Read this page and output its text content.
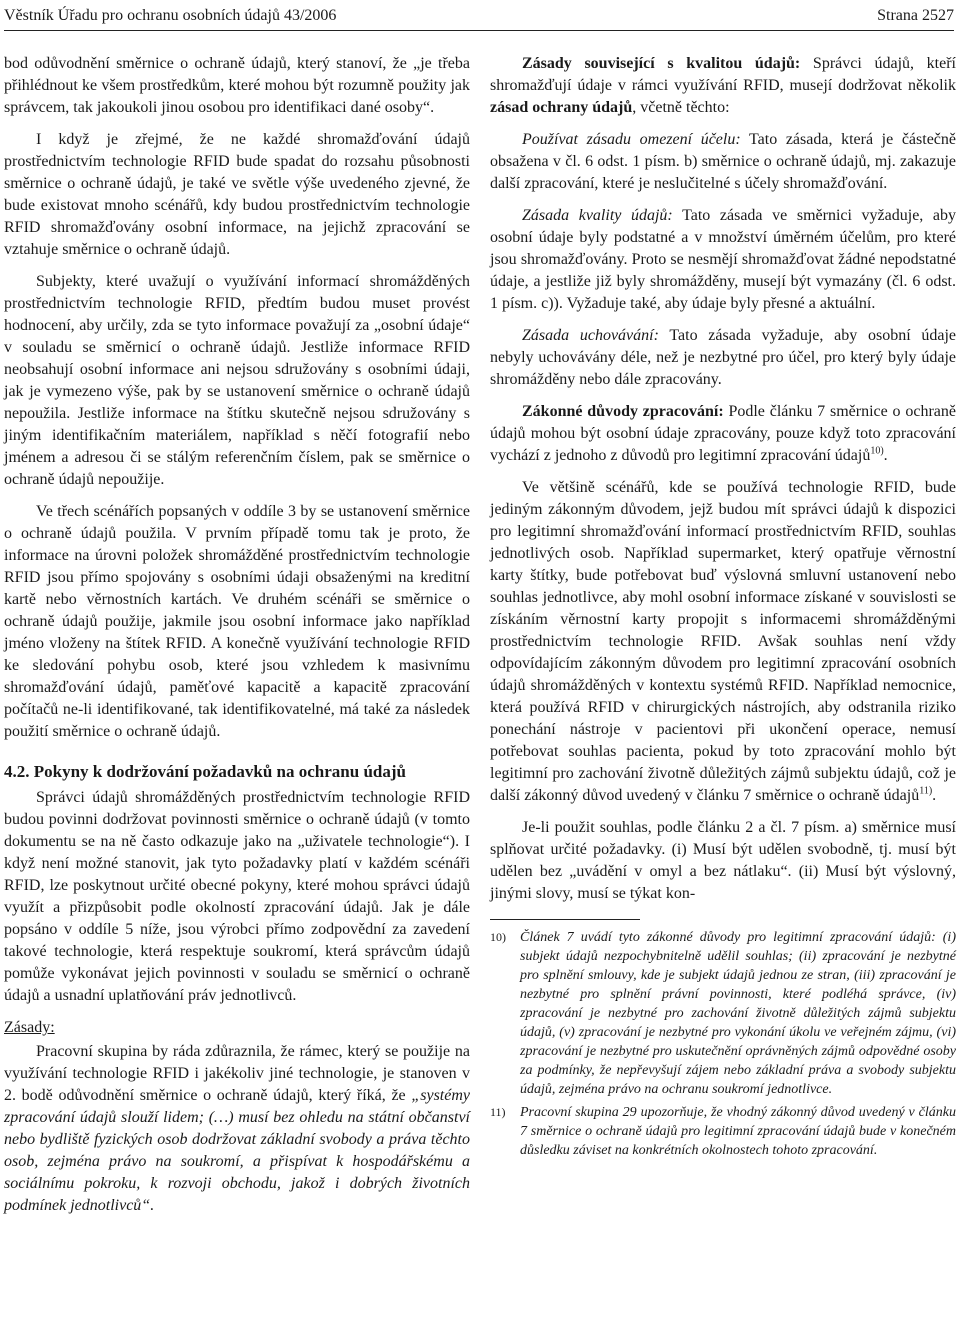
Věstník Úřadu pro ochranu osobních údajů 43/2006	Strana 2527

bod odůvodnění směrnice o ochraně údajů, který stanoví, že „je třeba přihlédnout ke všem prostředkům, které mohou být rozumně použity jak správcem, tak jakoukoli jinou osobou pro identifikaci dané osoby“.

I když je zřejmé, že ne každé shromažďování údajů prostřednictvím technologie RFID bude spadat do rozsahu působnosti směrnice o ochraně údajů, je také ve světle výše uvedeného zjevné, že bude existovat mnoho scénářů, kdy budou prostřednictvím technologie RFID shromažďovány osobní informace, na jejichž zpracování se vztahuje směrnice o ochraně údajů.

Subjekty, které uvažují o využívání informací shromážděných prostřednictvím technologie RFID, předtím budou muset provést hodnocení, aby určily, zda se tyto informace považují za „osobní údaje“ v souladu se směrnicí o ochraně údajů. Jestliže informace RFID neobsahují osobní informace ani nejsou sdružovány s osobními údaji, jak je vymezeno výše, pak by se ustanovení směrnice o ochraně údajů nepoužila. Jestliže informace na štítku skutečně nejsou sdružovány s jiným identifikačním materiálem, například s něčí fotografií nebo jménem a adresou či se stálým referenčním číslem, pak se směrnice o ochraně údajů nepoužije.

Ve třech scénářích popsaných v oddíle 3 by se ustanovení směrnice o ochraně údajů použila. V prvním případě tomu tak je proto, že informace na úrovni položek shromážděné prostřednictvím technologie RFID jsou přímo spojovány s osobními údaji obsaženými na kreditní kartě nebo věrnostních kartách. Ve druhém scénáři se směrnice o ochraně údajů použije, jakmile jsou osobní informace jako například jméno vloženy na štítek RFID. A konečně využívání technologie RFID ke sledování pohybu osob, které jsou vzhledem k masivnímu shromažďování údajů, paměťové kapacitě a kapacitě zpracování počítačů ne-li identifikované, tak identifikovatelné, má také za následek použití směrnice o ochraně údajů.

4.2. Pokyny k dodržování požadavků na ochranu údajů

Správci údajů shromážděných prostřednictvím technologie RFID budou povinni dodržovat povinnosti směrnice o ochraně údajů (v tomto dokumentu se na ně často odkazuje jako na „uživatele technologie“). I když není možné stanovit, jak tyto požadavky platí v každém scénáři RFID, lze poskytnout určité obecné pokyny, které mohou správci údajů využít a přizpůsobit podle okolností zpracování údajů. Jak je dále popsáno v oddíle 5 níže, jsou výrobci přímo zodpovědní za zavedení takové technologie, která respektuje soukromí, která správcům údajů pomůže vykonávat jejich povinnosti v souladu se směrnicí o ochraně údajů a usnadní uplatňování práv jednotlivců.

Zásady:

Pracovní skupina by ráda zdůraznila, že rámec, který se použije na využívání technologie RFID i jakékoliv jiné technologie, je stanoven v 2. bodě odůvodnění směrnice o ochraně údajů, který říká, že „systémy zpracování údajů slouží lidem; (…) musí bez ohledu na státní občanství nebo bydliště fyzických osob dodržovat základní svobody a práva těchto osob, zejména právo na soukromí, a přispívat k hospodářskému a sociálnímu pokroku, k rozvoji obchodu, jakož i dobrých životních podmínek jednotlivců“.

Zásady související s kvalitou údajů: Správci údajů, kteří shromažďují údaje v rámci využívání RFID, musejí dodržovat několik zásad ochrany údajů, včetně těchto:

Používat zásadu omezení účelu: Tato zásada, která je částečně obsažena v čl. 6 odst. 1 písm. b) směrnice o ochraně údajů, mj. zakazuje další zpracování, které je neslučitelné s účely shromažďování.

Zásada kvality údajů: Tato zásada ve směrnici vyžaduje, aby osobní údaje byly podstatné a v množství úměrném účelům, pro které jsou shromažďovány. Proto se nesmějí shromažďovat žádné nepodstatné údaje, a jestliže již byly shromážděny, musejí být vymazány (čl. 6 odst. 1 písm. c)). Vyžaduje také, aby údaje byly přesné a aktuální.

Zásada uchovávání: Tato zásada vyžaduje, aby osobní údaje nebyly uchovávány déle, než je nezbytné pro účel, pro který byly údaje shromážděny nebo dále zpracovány.

Zákonné důvody zpracování: Podle článku 7 směrnice o ochraně údajů mohou být osobní údaje zpracovány, pouze když toto zpracování vychází z jednoho z důvodů pro legitimní zpracování údajů$^{10)}$.

Ve většině scénářů, kde se používá technologie RFID, bude jediným zákonným důvodem, jejž budou mít správci údajů k dispozici pro legitimní shromažďování informací prostřednictvím RFID, souhlas jednotlivých osob. Například supermarket, který opatřuje věrnostní karty štítky, bude potřebovat buď výslovná smluvní ustanovení nebo souhlas jednotlivce, aby mohl osobní informace získané v souvislosti se získáním věrnostní karty propojit s informacemi shromážděnými prostřednictvím technologie RFID. Avšak souhlas není vždy odpovídajícím zákonným důvodem pro legitimní zpracování osobních údajů shromážděných v kontextu systémů RFID. Například nemocnice, která používá RFID v chirurgických nástrojích, aby odstranila riziko ponechání nástroje v pacientovi při ukončení operace, nemusí potřebovat souhlas pacienta, pokud by toto zpracování mohlo být legitimní pro zachování životně důležitých zájmů subjektu údajů, což je další zákonný důvod uvedený v článku 7 směrnice o ochraně údajů$^{11)}$.

Je-li použit souhlas, podle článku 2 a čl. 7 písm. a) směrnice musí splňovat určité požadavky. (i) Musí být udělen svobodně, tj. musí být udělen bez „uvádění v omyl a bez nátlaku“. (ii) Musí být výslovný, jinými slovy, musí se týkat kon-

10)	Článek 7 uvádí tyto zákonné důvody pro legitimní zpracování údajů: (i) subjekt údajů nezpochybnitelně udělil souhlas; (ii) zpracování je nezbytné pro splnění smlouvy, kde je subjekt údajů jednou ze stran, (iii) zpracování je nezbytné pro splnění právní povinnosti, které podléhá správce, (iv) zpracování je nezbytné pro zachování životně důležitých zájmů subjektu údajů, (v) zpracování je nezbytné pro vykonání úkolu ve veřejném zájmu, (vi) zpracování je nezbytné pro uskutečnění oprávněných zájmů odpovědné osoby za podmínky, že nepřevyšují zájem nebo základní práva a svobody subjektu údajů, zejména právo na ochranu soukromí jednotlivce.
11)	Pracovní skupina 29 upozorňuje, že vhodný zákonný důvod uvedený v článku 7 směrnice o ochraně údajů pro legitimní zpracování údajů bude v konečném důsledku záviset na konkrétních okolnostech tohoto zpracování.
